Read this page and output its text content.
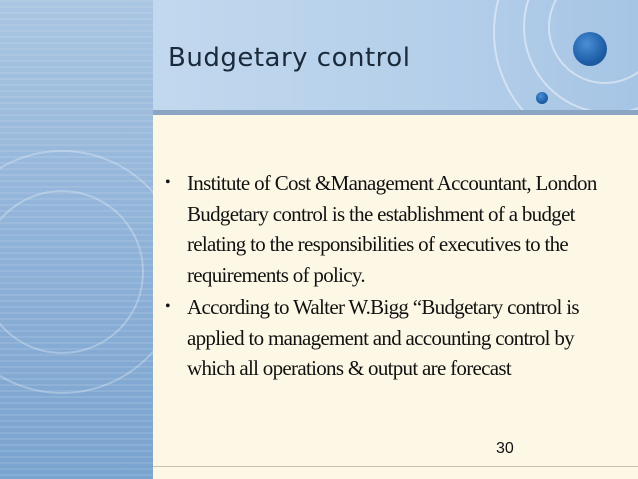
Budgetary control
• Institute of Cost &Management Accountant, London Budgetary control is the establishment of a budget relating to the responsibilities of executives to the requirements of policy.
• According to Walter W.Bigg “Budgetary control is applied to management and accounting control by which all operations & output are forecast
30
